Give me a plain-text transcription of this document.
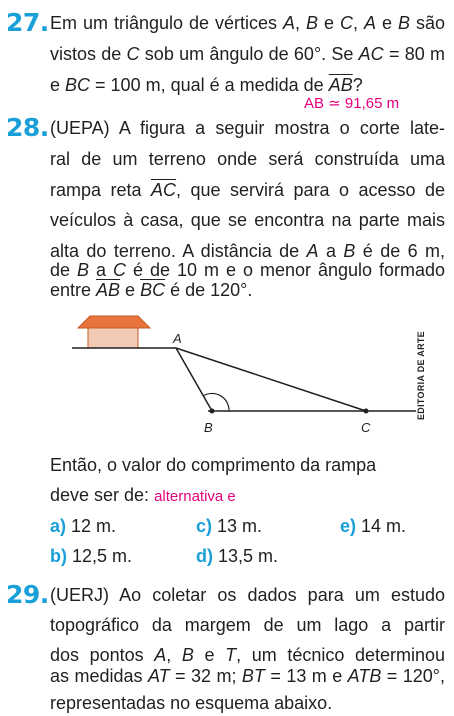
27. Em um triângulo de vértices A, B e C, A e B são
vistos de C sob um ângulo de 60°. Se AC = 80 m
e BC = 100 m, qual é a medida de $\overline{AB}$?
AB ≃ 91,65 m
28. (UEPA) A figura a seguir mostra o corte late-
ral de um terreno onde será construída uma
rampa reta $\overline{AC}$, que servirá para o acesso de
veículos à casa, que se encontra na parte mais
alta do terreno. A distância de A a B é de 6 m,
de B a C é de 10 m e o menor ângulo formado
entre $\overline{AB}$ e $\overline{BC}$ é de 120°.
A
B	C
EDITORIA DE ARTE
Então, o valor do comprimento da rampa
deve ser de: alternativa e
a) 12 m.	c) 13 m.	e) 14 m.
b) 12,5 m.	d) 13,5 m.
29. (UERJ) Ao coletar os dados para um estudo
topográfico da margem de um lago a partir
dos pontos A, B e T, um técnico determinou
as medidas AT = 32 m; BT = 13 m e ATB = 120°,
representadas no esquema abaixo.
